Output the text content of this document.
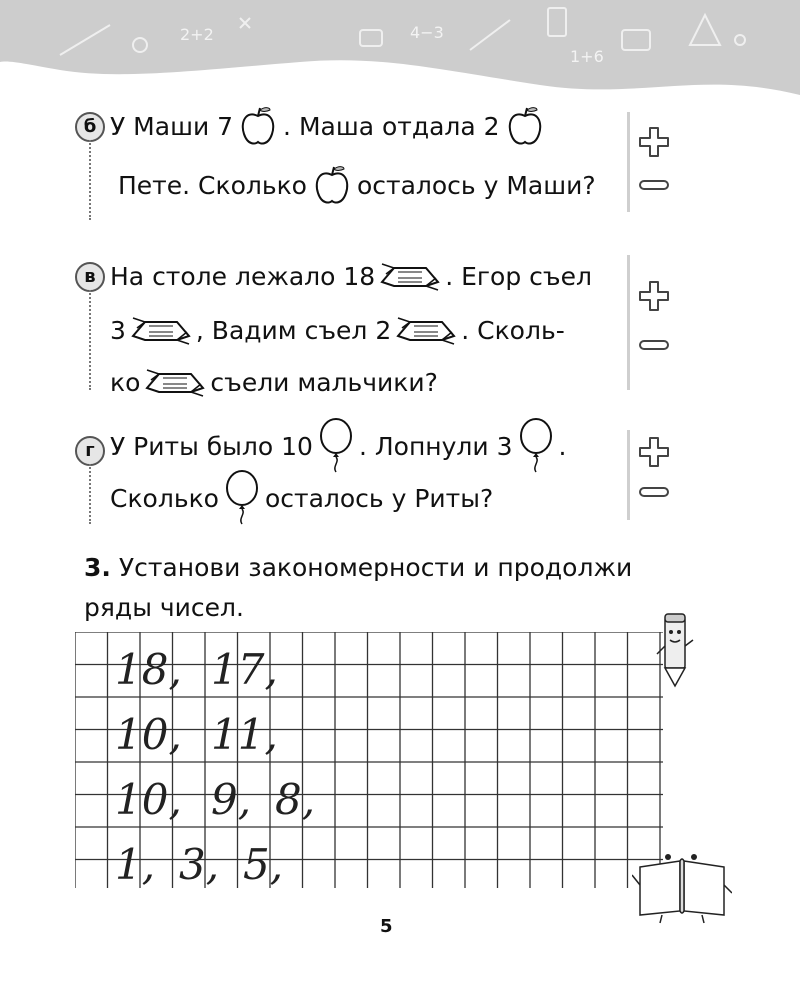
2+2	4−3
1+6
б У Маши 7 . Маша отдала 2
Пете. Сколько осталось у Маши?
в На столе лежало 18	. Егор съел
3	, Вадим съел 2	. Сколь-
ко	съели мальчики?
г У Риты было 10 . Лопнули 3 .
Сколько осталось у Риты?
3. Установи закономерности и продолжи ряды чисел.
18, 17,
10, 11,
10, 9, 8,
1, 3, 5,
5
